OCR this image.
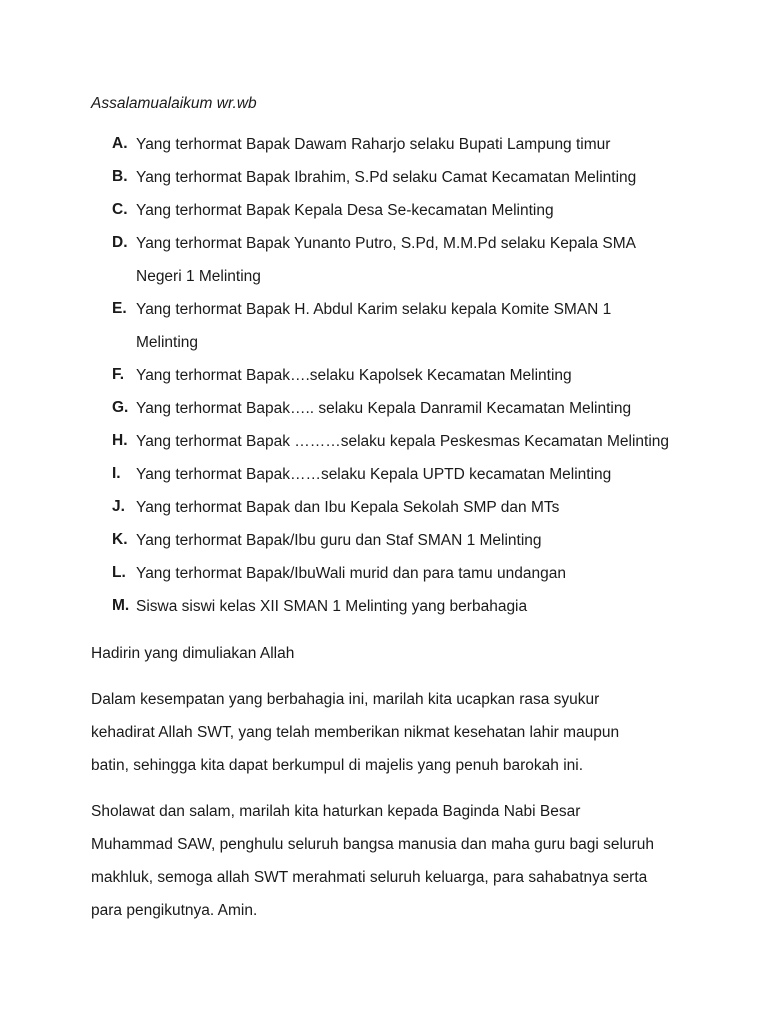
Assalamualaikum wr.wb
A. Yang terhormat Bapak Dawam Raharjo selaku Bupati Lampung timur
B. Yang terhormat Bapak Ibrahim, S.Pd selaku Camat Kecamatan Melinting
C. Yang terhormat Bapak Kepala Desa Se-kecamatan Melinting
D. Yang terhormat Bapak Yunanto Putro, S.Pd, M.M.Pd selaku Kepala SMA Negeri 1 Melinting
E. Yang terhormat Bapak H. Abdul Karim selaku kepala Komite SMAN 1 Melinting
F. Yang terhormat Bapak….selaku Kapolsek Kecamatan Melinting
G. Yang terhormat Bapak….. selaku Kepala Danramil Kecamatan Melinting
H. Yang terhormat Bapak ………selaku kepala Peskesmas Kecamatan Melinting
I. Yang terhormat Bapak……selaku Kepala UPTD kecamatan Melinting
J. Yang terhormat Bapak dan Ibu Kepala Sekolah SMP dan MTs
K. Yang terhormat Bapak/Ibu guru dan Staf SMAN 1 Melinting
L. Yang terhormat Bapak/IbuWali murid dan para tamu undangan
M. Siswa siswi kelas XII SMAN 1 Melinting yang berbahagia
Hadirin yang dimuliakan Allah
Dalam kesempatan yang berbahagia ini, marilah kita ucapkan rasa syukur
kehadirat Allah SWT, yang telah memberikan nikmat kesehatan lahir maupun
batin, sehingga kita dapat berkumpul di majelis yang penuh barokah ini.
Sholawat dan salam, marilah kita haturkan kepada Baginda Nabi Besar
Muhammad SAW, penghulu seluruh bangsa manusia dan maha guru bagi seluruh
makhluk, semoga allah SWT merahmati seluruh keluarga, para sahabatnya serta
para pengikutnya. Amin.
